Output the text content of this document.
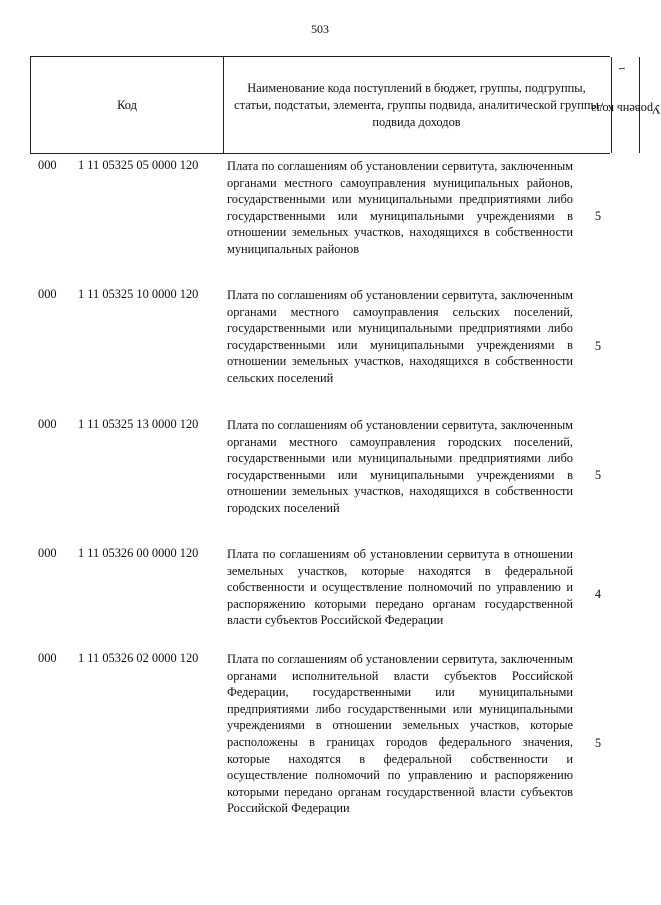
503
Код
Наименование кода поступлений в бюджет, группы, подгруппы, статьи, подстатьи, элемента, группы подвида, аналитической группы подвида доходов
Уровень кода $^1$
000 1 11 05325 05 0000 120 Плата по соглашениям об установлении сервитута, заключенным органами местного самоуправления муниципальных районов, государственными или муниципальными предприятиями либо государственными или муниципальными учреждениями в отношении земельных участков, находящихся в собственности муниципальных районов
5
000 1 11 05325 10 0000 120 Плата по соглашениям об установлении сервитута, заключенным органами местного самоуправления сельских поселений, государственными или муниципальными предприятиями либо государственными или муниципальными учреждениями в отношении земельных участков, находящихся в собственности сельских поселений
5
000 1 11 05325 13 0000 120 Плата по соглашениям об установлении сервитута, заключенным органами местного самоуправления городских поселений, государственными или муниципальными предприятиями либо государственными или муниципальными учреждениями в отношении земельных участков, находящихся в собственности городских поселений
5
000 1 11 05326 00 0000 120 Плата по соглашениям об установлении сервитута в отношении земельных участков, которые находятся в федеральной собственности и осуществление полномочий по управлению и распоряжению которыми передано органам государственной власти субъектов Российской Федерации
4
000 1 11 05326 02 0000 120 Плата по соглашениям об установлении сервитута, заключенным органами исполнительной власти субъектов Российской Федерации, государственными или муниципальными предприятиями либо государственными или муниципальными учреждениями в отношении земельных участков, которые расположены в границах городов федерального значения, которые находятся в федеральной собственности и осуществление полномочий по управлению и распоряжению которыми передано органам государственной власти субъектов Российской Федерации
5
